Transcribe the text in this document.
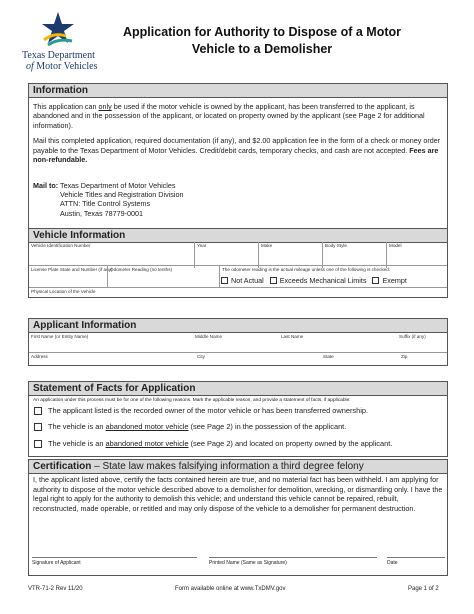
Texas Department
of Motor Vehicles
Application for Authority to Dispose of a Motor
Vehicle to a Demolisher
Information

This application can only be used if the motor vehicle is owned by the applicant, has been transferred to the applicant, is abandoned and in the possession of the applicant, or located on property owned by the applicant (see Page 2 for additional information).

Mail this completed application, required documentation (if any), and $2.00 application fee in the form of a check or money order payable to the Texas Department of Motor Vehicles. Credit/debit cards, temporary checks, and cash are not accepted. Fees are non-refundable.

Mail to: Texas Department of Motor Vehicles
Vehicle Titles and Registration Division
ATTN: Title Control Systems
Austin, Texas 78779-0001
Vehicle Information
Vehicle Identification Number	Year	Make	Body Style	Model
License Plate State and Number (if any)
Odometer Reading (no tenths)	The odometer reading is the actual mileage unless one of the following is checked:
Not Actual	Exceeds Mechanical Limits	Exempt
Physical Location of the Vehicle
Applicant Information
First Name (or Entity Name)	Middle Name	Last Name	Suffix (if any)
Address	City	State	Zip
Statement of Facts for Application
An application under this process must be for one of the following reasons. Mark the applicable reason, and provide a statement of facts, if applicable:
The applicant listed is the recorded owner of the motor vehicle or has been transferred ownership.
The vehicle is an abandoned motor vehicle (see Page 2) in the possession of the applicant.
The vehicle is an abandoned motor vehicle (see Page 2) and located on property owned by the applicant.
Certification – State law makes falsifying information a third degree felony
I, the applicant listed above, certify the facts contained herein are true, and no material fact has been withheld. I am applying for authority to dispose of the motor vehicle described above to a demolisher for demolition, wrecking, or dismantling only. I have the legal right to apply for the authority to demolish this vehicle; and understand this vehicle cannot be repaired, rebuilt, reconstructed, made operable, or retitled and may only dispose of the vehicle to a demolisher for permanent destruction.
Signature of Applicant	Printed Name (Same as Signature)	Date
VTR-71-2 Rev 11/20	Form available online at www.TxDMV.gov	Page 1 of 2
